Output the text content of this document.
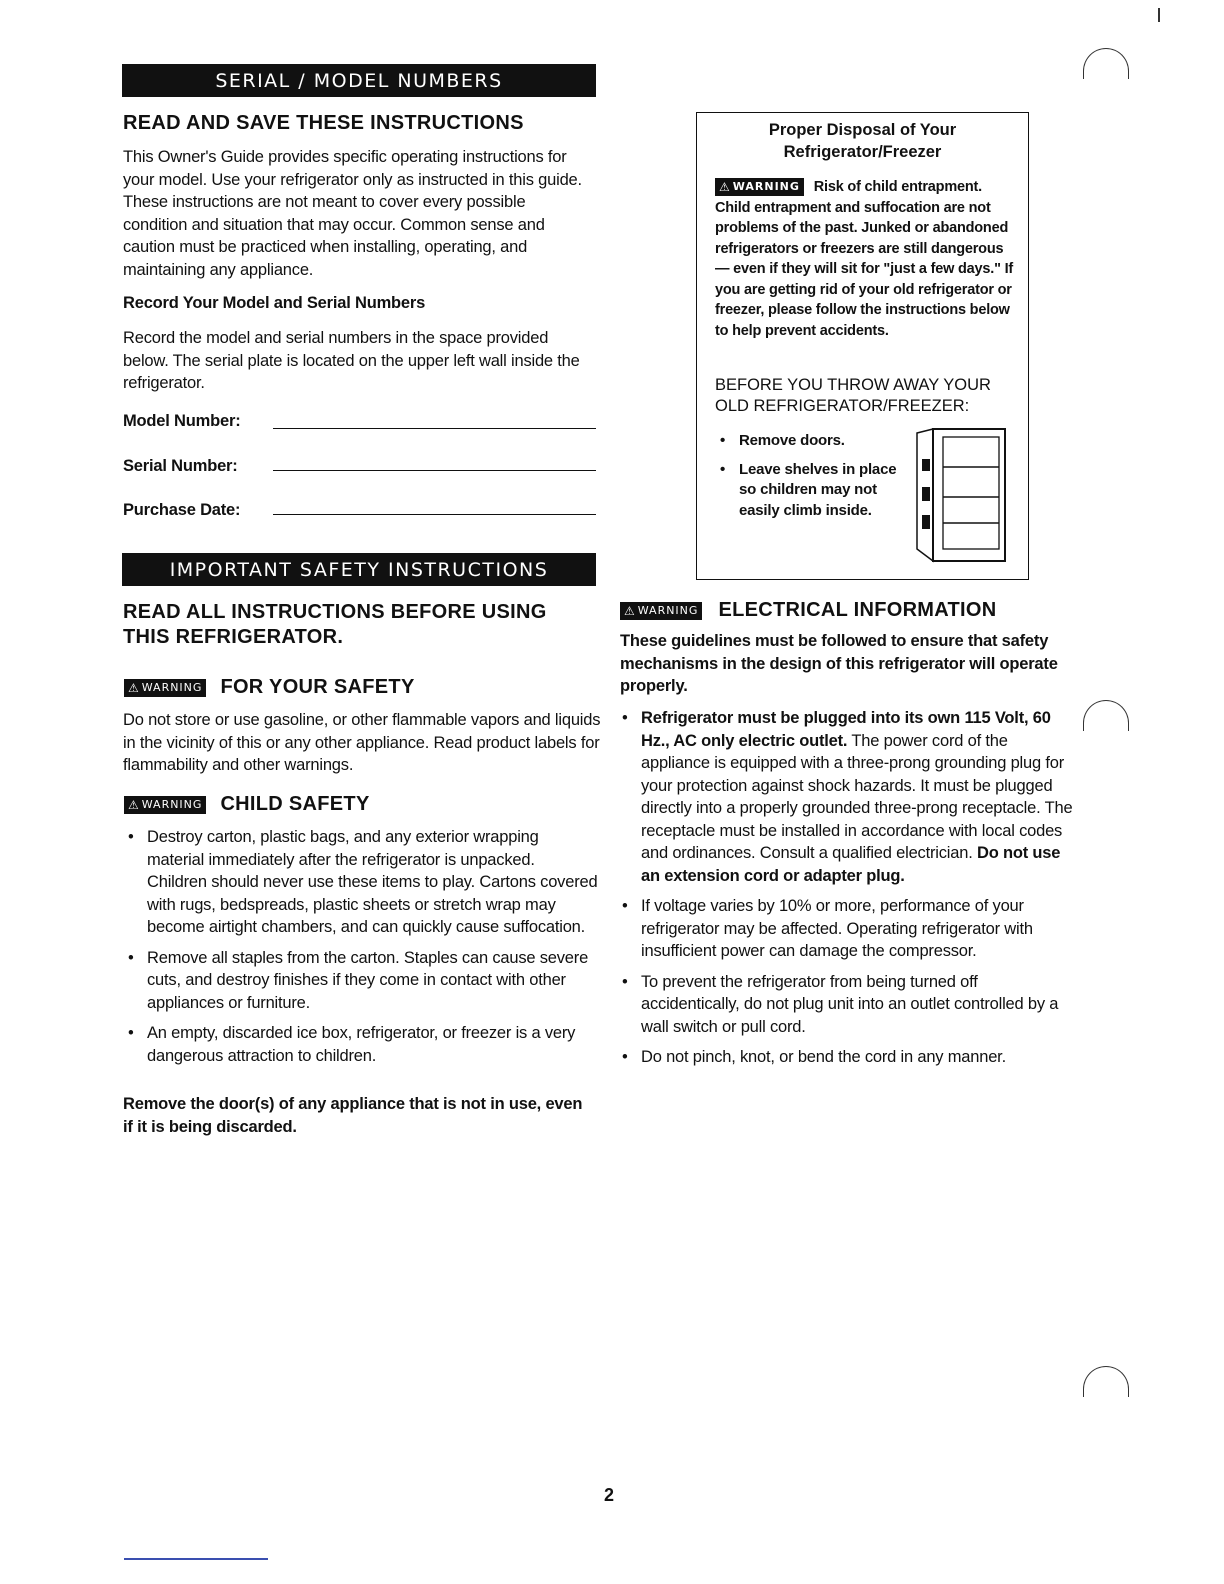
SERIAL / MODEL NUMBERS
READ AND SAVE THESE INSTRUCTIONS
This Owner's Guide provides specific operating instructions for your model. Use your refrigerator only as instructed in this guide. These instructions are not meant to cover every possible condition and situation that may occur. Common sense and caution must be practiced when installing, operating, and maintaining any appliance.
Record Your Model and Serial Numbers
Record the model and serial numbers in the space provided below. The serial plate is located on the upper left wall inside the refrigerator.
Model Number:
Serial Number:
Purchase Date:
Proper Disposal of Your
Refrigerator/Freezer
⚠ WARNING Risk of child entrapment. Child entrapment and suffocation are not problems of the past. Junked or abandoned refrigerators or freezers are still dangerous — even if they will sit for "just a few days." If you are getting rid of your old refrigerator or freezer, please follow the instructions below to help prevent accidents.
BEFORE YOU THROW AWAY YOUR OLD REFRIGERATOR/FREEZER:
• Remove doors.
• Leave shelves in place so children may not easily climb inside.
IMPORTANT SAFETY INSTRUCTIONS
READ ALL INSTRUCTIONS BEFORE USING
THIS REFRIGERATOR.
⚠ WARNING FOR YOUR SAFETY
Do not store or use gasoline, or other flammable vapors and liquids in the vicinity of this or any other appliance. Read product labels for flammability and other warnings.
⚠ WARNING CHILD SAFETY
• Destroy carton, plastic bags, and any exterior wrapping material immediately after the refrigerator is unpacked. Children should never use these items to play. Cartons covered with rugs, bedspreads, plastic sheets or stretch wrap may become airtight chambers, and can quickly cause suffocation.
• Remove all staples from the carton. Staples can cause severe cuts, and destroy finishes if they come in contact with other appliances or furniture.
• An empty, discarded ice box, refrigerator, or freezer is a very dangerous attraction to children.
Remove the door(s) of any appliance that is not in use, even if it is being discarded.
⚠ WARNING ELECTRICAL INFORMATION
These guidelines must be followed to ensure that safety mechanisms in the design of this refrigerator will operate properly.
• Refrigerator must be plugged into its own 115 Volt, 60 Hz., AC only electric outlet. The power cord of the appliance is equipped with a three-prong grounding plug for your protection against shock hazards. It must be plugged directly into a properly grounded three-prong receptacle. The receptacle must be installed in accordance with local codes and ordinances. Consult a qualified electrician. Do not use an extension cord or adapter plug.
• If voltage varies by 10% or more, performance of your refrigerator may be affected. Operating refrigerator with insufficient power can damage the compressor.
• To prevent the refrigerator from being turned off accidentically, do not plug unit into an outlet controlled by a wall switch or pull cord.
• Do not pinch, knot, or bend the cord in any manner.
2
